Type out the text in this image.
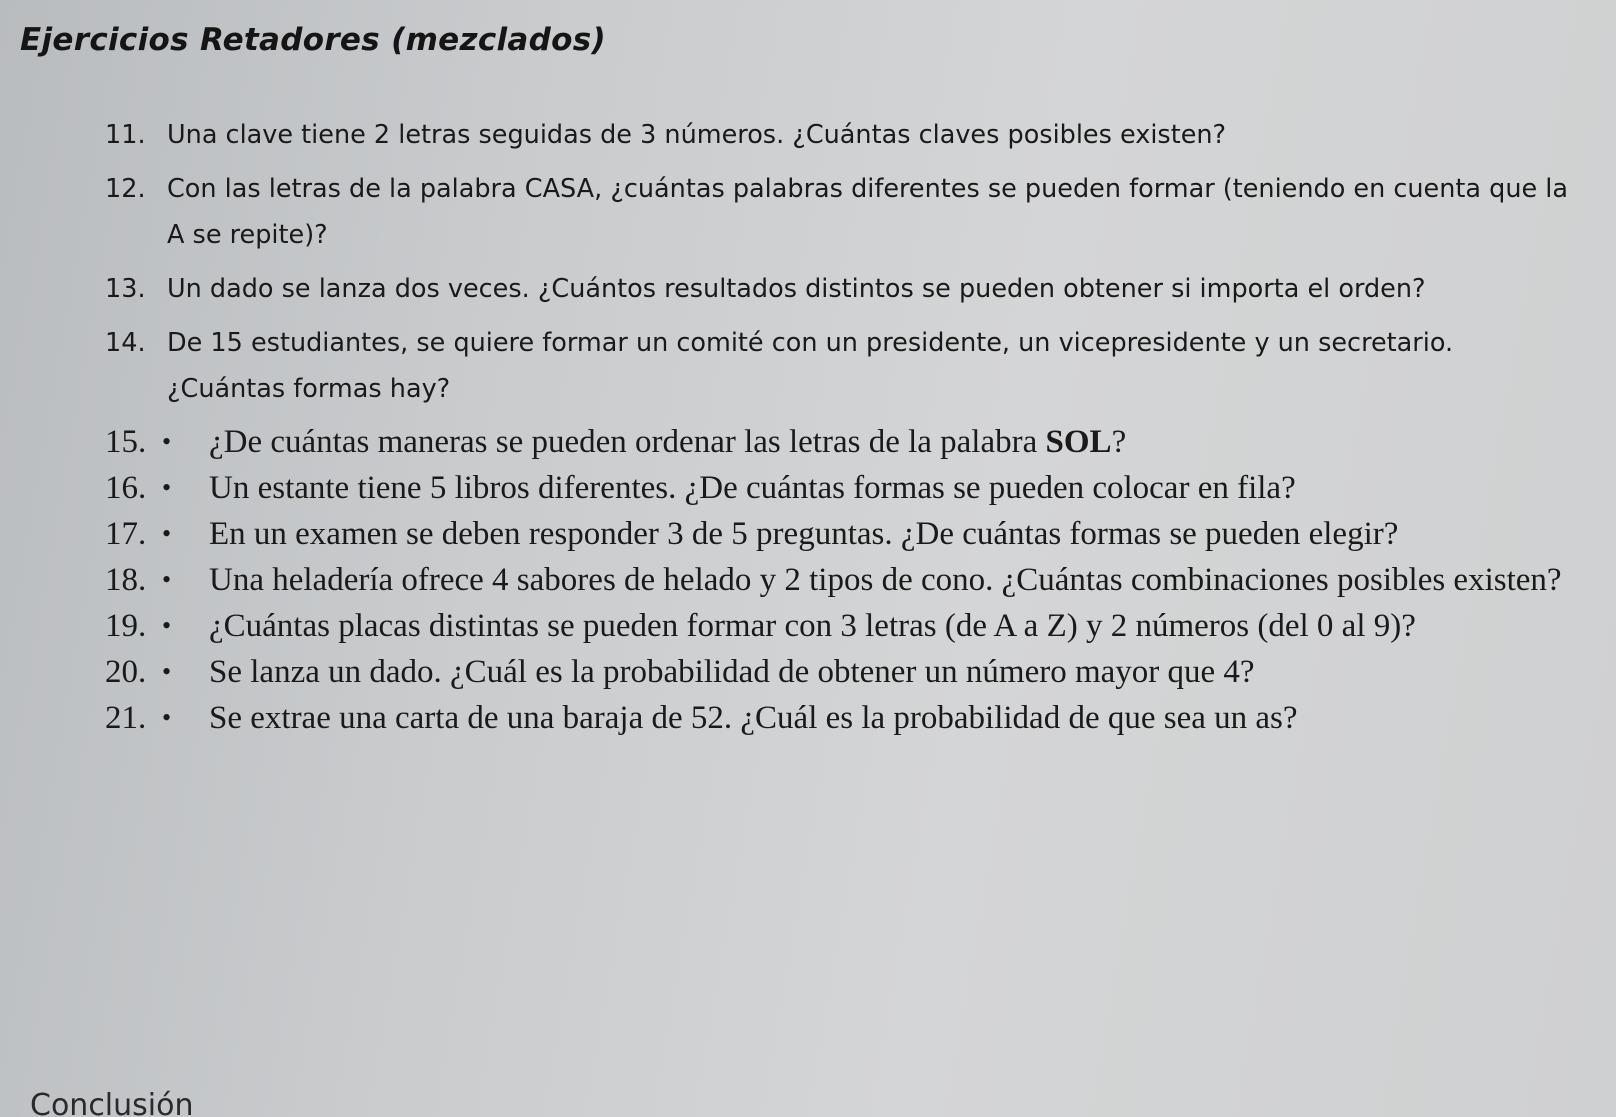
Ejercicios Retadores (mezclados)
11. Una clave tiene 2 letras seguidas de 3 números. ¿Cuántas claves posibles existen?
12. Con las letras de la palabra CASA, ¿cuántas palabras diferentes se pueden formar (teniendo en cuenta que la A se repite)?
13. Un dado se lanza dos veces. ¿Cuántos resultados distintos se pueden obtener si importa el orden?
14. De 15 estudiantes, se quiere formar un comité con un presidente, un vicepresidente y un secretario. ¿Cuántas formas hay?
15. • ¿De cuántas maneras se pueden ordenar las letras de la palabra SOL?
16. • Un estante tiene 5 libros diferentes. ¿De cuántas formas se pueden colocar en fila?
17. • En un examen se deben responder 3 de 5 preguntas. ¿De cuántas formas se pueden elegir?
18. • Una heladería ofrece 4 sabores de helado y 2 tipos de cono. ¿Cuántas combinaciones posibles existen?
19. • ¿Cuántas placas distintas se pueden formar con 3 letras (de A a Z) y 2 números (del 0 al 9)?
20. • Se lanza un dado. ¿Cuál es la probabilidad de obtener un número mayor que 4?
21. • Se extrae una carta de una baraja de 52. ¿Cuál es la probabilidad de que sea un as?
Conclusión
